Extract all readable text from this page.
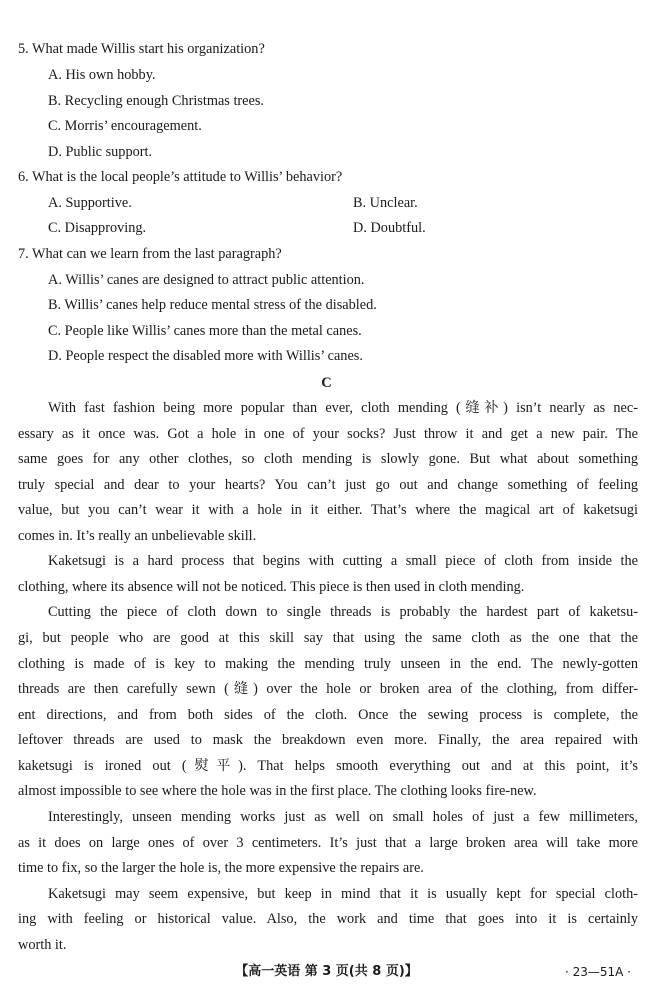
5. What made Willis start his organization?
A. His own hobby.
B. Recycling enough Christmas trees.
C. Morris’ encouragement.
D. Public support.
6. What is the local people’s attitude to Willis’ behavior?
A. Supportive.	B. Unclear.
C. Disapproving.	D. Doubtful.
7. What can we learn from the last paragraph?
A. Willis’ canes are designed to attract public attention.
B. Willis’ canes help reduce mental stress of the disabled.
C. People like Willis’ canes more than the metal canes.
D. People respect the disabled more with Willis’ canes.
C
With fast fashion being more popular than ever, cloth mending (缝补) isn’t nearly as nec-
essary as it once was. Got a hole in one of your socks? Just throw it and get a new pair. The
same goes for any other clothes, so cloth mending is slowly gone. But what about something
truly special and dear to your hearts? You can’t just go out and change something of feeling
value, but you can’t wear it with a hole in it either. That’s where the magical art of kaketsugi
comes in. It’s really an unbelievable skill.
Kaketsugi is a hard process that begins with cutting a small piece of cloth from inside the
clothing, where its absence will not be noticed. This piece is then used in cloth mending.
Cutting the piece of cloth down to single threads is probably the hardest part of kaketsu-
gi, but people who are good at this skill say that using the same cloth as the one that the
clothing is made of is key to making the mending truly unseen in the end. The newly-gotten
threads are then carefully sewn (缝) over the hole or broken area of the clothing, from differ-
ent directions, and from both sides of the cloth. Once the sewing process is complete, the
leftover threads are used to mask the breakdown even more. Finally, the area repaired with
kaketsugi is ironed out (熨平). That helps smooth everything out and at this point, it’s
almost impossible to see where the hole was in the first place. The clothing looks fire-new.
Interestingly, unseen mending works just as well on small holes of just a few millimeters,
as it does on large ones of over 3 centimeters. It’s just that a large broken area will take more
time to fix, so the larger the hole is, the more expensive the repairs are.
Kaketsugi may seem expensive, but keep in mind that it is usually kept for special cloth-
ing with feeling or historical value. Also, the work and time that goes into it is certainly
worth it.
【高一英语 第 3 页(共 8 页)】	· 23—51A ·
